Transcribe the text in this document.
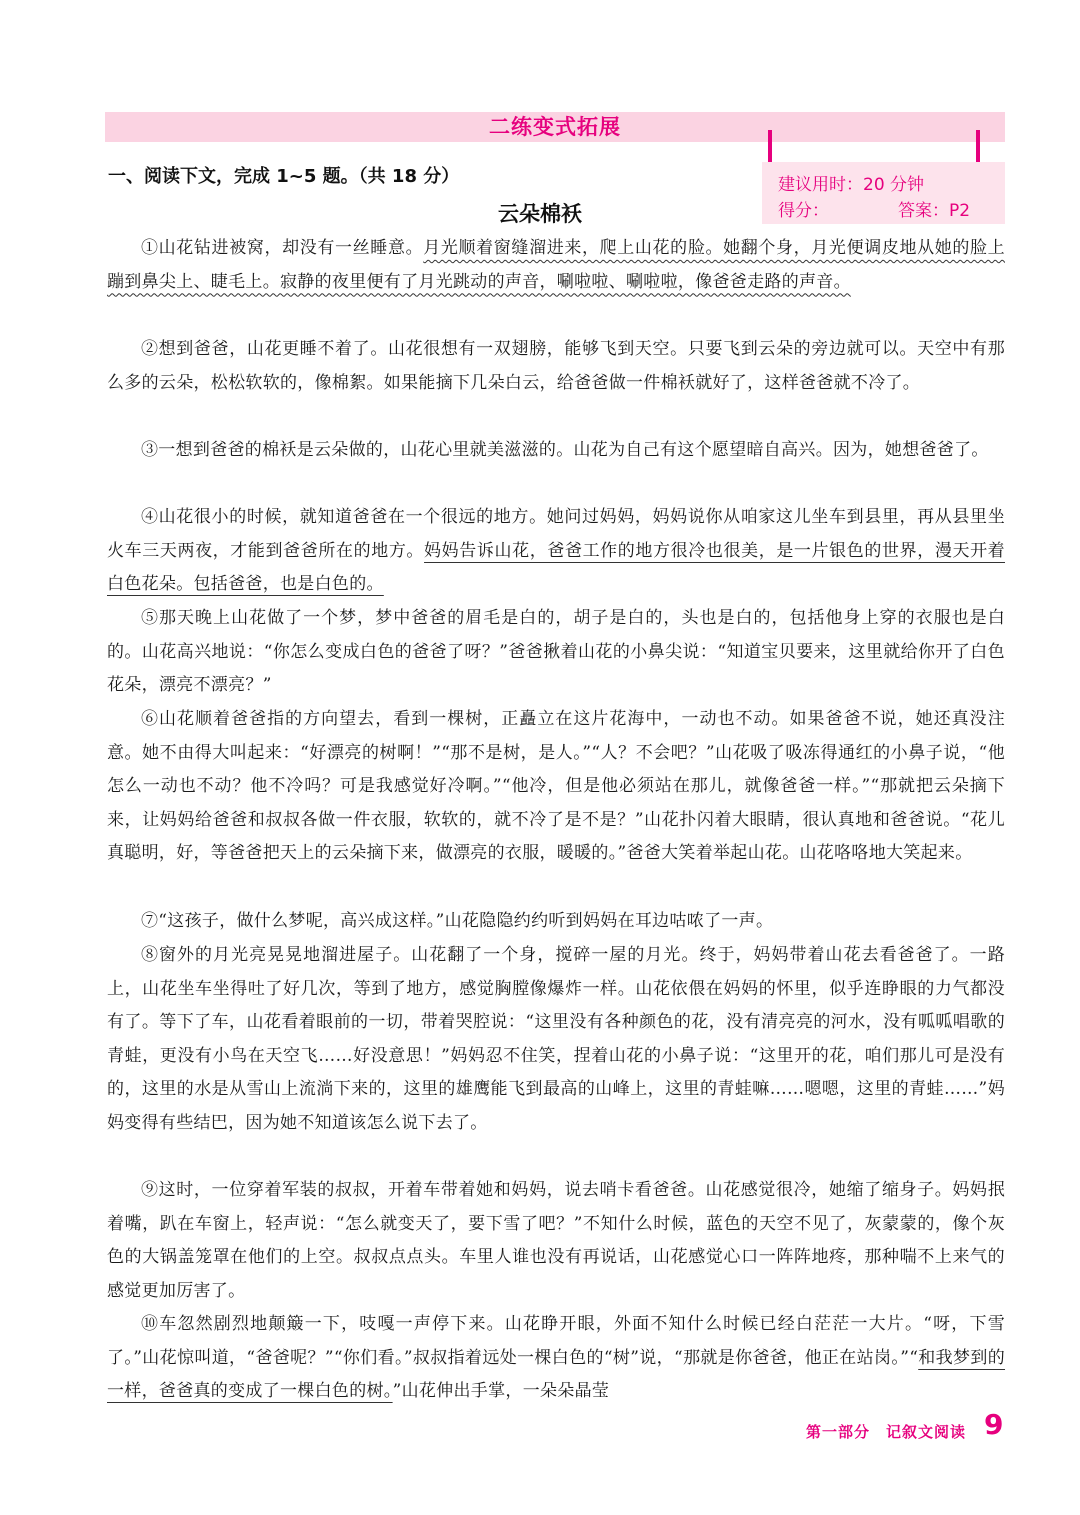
二练变式拓展
一、阅读下文，完成 1~5 题。（共 18 分）	建议用时：20 分钟
得分：	答案：P2
云朵棉袄

①山花钻进被窝，却没有一丝睡意。月光顺着窗缝溜进来，爬上山花的脸。她翻个身，月光便调皮地从她的脸上蹦到鼻尖上、睫毛上。寂静的夜里便有了月光跳动的声音，唰啦啦、唰啦啦，像爸爸走路的声音。

②想到爸爸，山花更睡不着了。山花很想有一双翅膀，能够飞到天空。只要飞到云朵的旁边就可以。天空中有那么多的云朵，松松软软的，像棉絮。如果能摘下几朵白云，给爸爸做一件棉袄就好了，这样爸爸就不冷了。

③一想到爸爸的棉袄是云朵做的，山花心里就美滋滋的。山花为自己有这个愿望暗自高兴。因为，她想爸爸了。

④山花很小的时候，就知道爸爸在一个很远的地方。她问过妈妈，妈妈说你从咱家这儿坐车到县里，再从县里坐火车三天两夜，才能到爸爸所在的地方。妈妈告诉山花，爸爸工作的地方很冷也很美，是一片银色的世界，漫天开着白色花朵。包括爸爸，也是白色的。

⑤那天晚上山花做了一个梦，梦中爸爸的眉毛是白的，胡子是白的，头也是白的，包括他身上穿的衣服也是白的。山花高兴地说：“你怎么变成白色的爸爸了呀？”爸爸揪着山花的小鼻尖说：“知道宝贝要来，这里就给你开了白色花朵，漂亮不漂亮？”

⑥山花顺着爸爸指的方向望去，看到一棵树，正矗立在这片花海中，一动也不动。如果爸爸不说，她还真没注意。她不由得大叫起来：“好漂亮的树啊！”“那不是树，是人。”“人？不会吧？”山花吸了吸冻得通红的小鼻子说，“他怎么一动也不动？他不冷吗？可是我感觉好冷啊。”“他冷，但是他必须站在那儿，就像爸爸一样。”“那就把云朵摘下来，让妈妈给爸爸和叔叔各做一件衣服，软软的，就不冷了是不是？”山花扑闪着大眼睛，很认真地和爸爸说。“花儿真聪明，好，等爸爸把天上的云朵摘下来，做漂亮的衣服，暖暖的。”爸爸大笑着举起山花。山花咯咯地大笑起来。

⑦“这孩子，做什么梦呢，高兴成这样。”山花隐隐约约听到妈妈在耳边咕哝了一声。

⑧窗外的月光亮晃晃地溜进屋子。山花翻了一个身，搅碎一屋的月光。终于，妈妈带着山花去看爸爸了。一路上，山花坐车坐得吐了好几次，等到了地方，感觉胸膛像爆炸一样。山花依偎在妈妈的怀里，似乎连睁眼的力气都没有了。等下了车，山花看着眼前的一切，带着哭腔说：“这里没有各种颜色的花，没有清亮亮的河水，没有呱呱唱歌的青蛙，更没有小鸟在天空飞……好没意思！”妈妈忍不住笑，捏着山花的小鼻子说：“这里开的花，咱们那儿可是没有的，这里的水是从雪山上流淌下来的，这里的雄鹰能飞到最高的山峰上，这里的青蛙嘛……嗯嗯，这里的青蛙……”妈妈变得有些结巴，因为她不知道该怎么说下去了。

⑨这时，一位穿着军装的叔叔，开着车带着她和妈妈，说去哨卡看爸爸。山花感觉很冷，她缩了缩身子。妈妈抿着嘴，趴在车窗上，轻声说：“怎么就变天了，要下雪了吧？”不知什么时候，蓝色的天空不见了，灰蒙蒙的，像个灰色的大锅盖笼罩在他们的上空。叔叔点点头。车里人谁也没有再说话，山花感觉心口一阵阵地疼，那种喘不上来气的感觉更加厉害了。

⑩车忽然剧烈地颠簸一下，吱嘎一声停下来。山花睁开眼，外面不知什么时候已经白茫茫一大片。“呀，下雪了。”山花惊叫道，“爸爸呢？”“你们看。”叔叔指着远处一棵白色的“树”说，“那就是你爸爸，他正在站岗。”“和我梦到的一样，爸爸真的变成了一棵白色的树。”山花伸出手掌，一朵朵晶莹

第一部分　记叙文阅读 9
